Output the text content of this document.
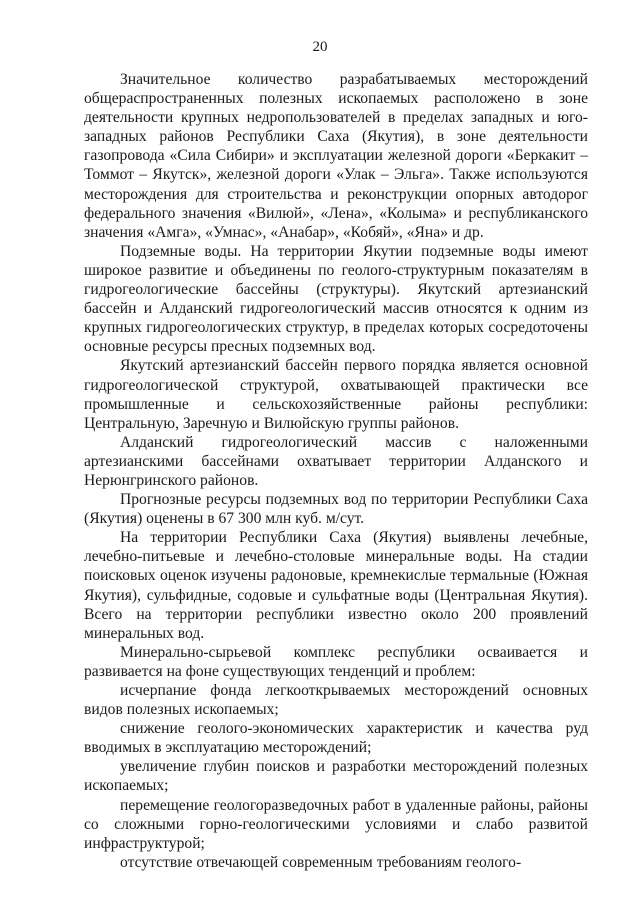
20

Значительное количество разрабатываемых месторождений общераспространенных полезных ископаемых расположено в зоне деятельности крупных недропользователей в пределах западных и юго-западных районов Республики Саха (Якутия), в зоне деятельности газопровода «Сила Сибири» и эксплуатации железной дороги «Беркакит – Томмот – Якутск», железной дороги «Улак – Эльга». Также используются месторождения для строительства и реконструкции опорных автодорог федерального значения «Вилюй», «Лена», «Колыма» и республиканского значения «Амга», «Умнас», «Анабар», «Кобяй», «Яна» и др.

Подземные воды. На территории Якутии подземные воды имеют широкое развитие и объединены по геолого-структурным показателям в гидрогеологические бассейны (структуры). Якутский артезианский бассейн и Алданский гидрогеологический массив относятся к одним из крупных гидрогеологических структур, в пределах которых сосредоточены основные ресурсы пресных подземных вод.

Якутский артезианский бассейн первого порядка является основной гидрогеологической структурой, охватывающей практически все промышленные и сельскохозяйственные районы республики: Центральную, Заречную и Вилюйскую группы районов.

Алданский гидрогеологический массив с наложенными артезианскими бассейнами охватывает территории Алданского и Нерюнгринского районов.

Прогнозные ресурсы подземных вод по территории Республики Саха (Якутия) оценены в 67 300 млн куб. м/сут.

На территории Республики Саха (Якутия) выявлены лечебные, лечебно-питьевые и лечебно-столовые минеральные воды. На стадии поисковых оценок изучены радоновые, кремнекислые термальные (Южная Якутия), сульфидные, содовые и сульфатные воды (Центральная Якутия). Всего на территории республики известно около 200 проявлений минеральных вод.

Минерально-сырьевой комплекс республики осваивается и развивается на фоне существующих тенденций и проблем:

исчерпание фонда легкооткрываемых месторождений основных видов полезных ископаемых;

снижение геолого-экономических характеристик и качества руд вводимых в эксплуатацию месторождений;

увеличение глубин поисков и разработки месторождений полезных ископаемых;

перемещение геологоразведочных работ в удаленные районы, районы со сложными горно-геологическими условиями и слабо развитой инфраструктурой;

отсутствие отвечающей современным требованиям геолого-
